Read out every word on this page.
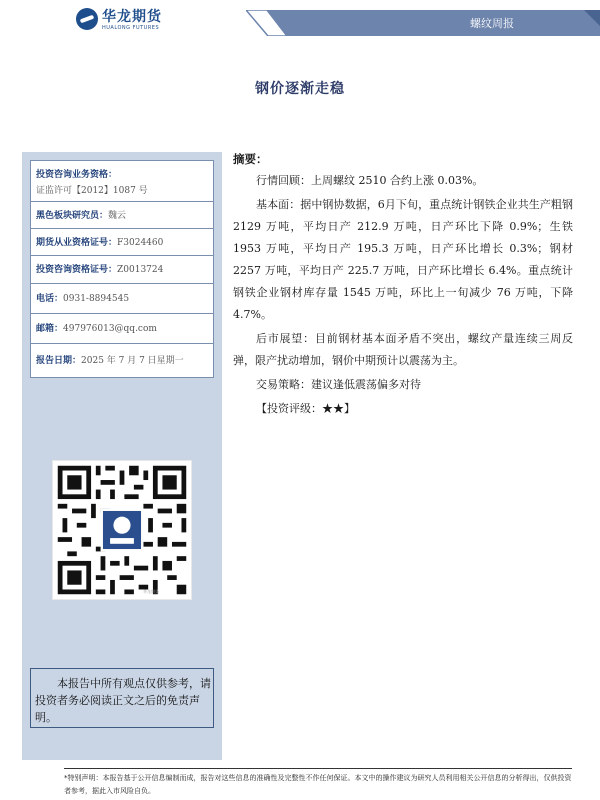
华龙期货
HUALONG FUTURES	螺纹周报
钢价逐渐走稳
投资咨询业务资格：
证监许可【2012】1087 号
黑色板块研究员：魏云
期货从业资格证号：F3024460
投资咨询资格证号：Z0013724
电话：0931-8894545
邮箱：497976013@qq.com
报告日期：2025 年 7 月 7 日星期一
华龙期货
本报告中所有观点仅供参考，请投资者务必阅读正文之后的免责声明。

摘要：

行情回顾：上周螺纹 2510 合约上涨 0.03%。

基本面：据中钢协数据，6月下旬，重点统计钢铁企业共生产粗钢 2129 万吨，平均日产 212.9 万吨，日产环比下降 0.9%；生铁 1953 万吨，平均日产 195.3 万吨，日产环比增长 0.3%；钢材 2257 万吨，平均日产 225.7 万吨，日产环比增长 6.4%。重点统计钢铁企业钢材库存量 1545 万吨，环比上一旬减少 76 万吨，下降 4.7%。

后市展望：目前钢材基本面矛盾不突出，螺纹产量连续三周反弹，限产扰动增加，钢价中期预计以震荡为主。

交易策略：建议逢低震荡偏多对待

【投资评级：★★】

*特别声明：本报告基于公开信息编制而成，报告对这些信息的准确性及完整性不作任何保证。本文中的操作建议为研究人员利用相关公开信息的分析得出，仅供投资者参考，据此入市风险自负。
